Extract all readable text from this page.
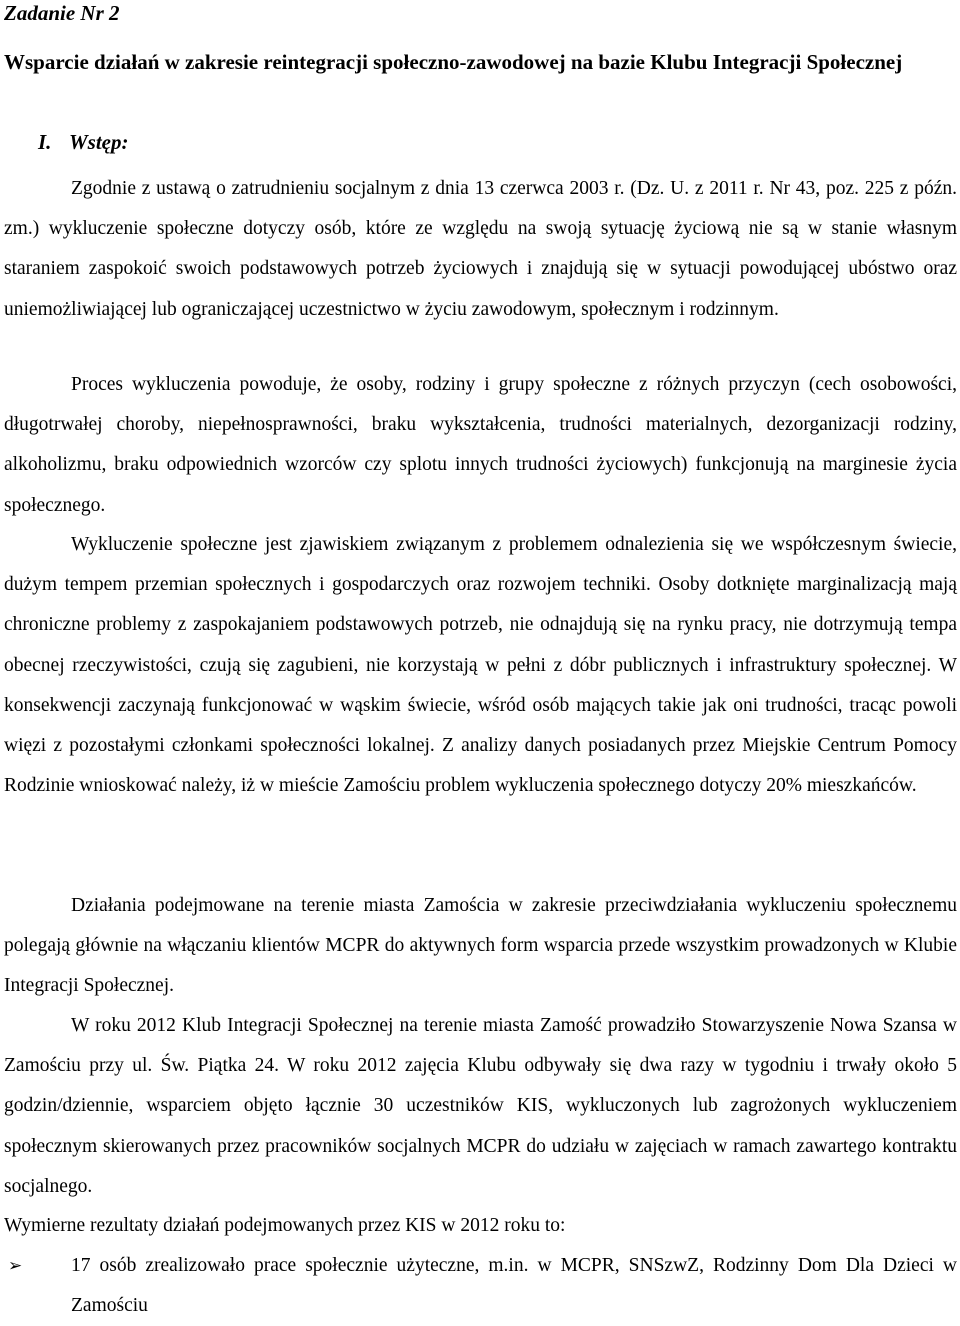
Zadanie Nr 2

Wsparcie działań w zakresie reintegracji społeczno-zawodowej na bazie Klubu Integracji Społecznej

I. Wstęp:

Zgodnie z ustawą o zatrudnieniu socjalnym z dnia 13 czerwca 2003 r. (Dz. U. z 2011 r. Nr 43, poz. 225 z późn. zm.) wykluczenie społeczne dotyczy osób, które ze względu na swoją sytuację życiową nie są w stanie własnym staraniem zaspokoić swoich podstawowych potrzeb życiowych i znajdują się w sytuacji powodującej ubóstwo oraz uniemożliwiającej lub ograniczającej uczestnictwo w życiu zawodowym, społecznym i rodzinnym.

Proces wykluczenia powoduje, że osoby, rodziny i grupy społeczne z różnych przyczyn (cech osobowości, długotrwałej choroby, niepełnosprawności, braku wykształcenia, trudności materialnych, dezorganizacji rodziny, alkoholizmu, braku odpowiednich wzorców czy splotu innych trudności życiowych) funkcjonują na marginesie życia społecznego.

Wykluczenie społeczne jest zjawiskiem związanym z problemem odnalezienia się we współczesnym świecie, dużym tempem przemian społecznych i gospodarczych oraz rozwojem techniki. Osoby dotknięte marginalizacją mają chroniczne problemy z zaspokajaniem podstawowych potrzeb, nie odnajdują się na rynku pracy, nie dotrzymują tempa obecnej rzeczywistości, czują się zagubieni, nie korzystają w pełni z dóbr publicznych i infrastruktury społecznej. W konsekwencji zaczynają funkcjonować w wąskim świecie, wśród osób mających takie jak oni trudności, tracąc powoli więzi z pozostałymi członkami społeczności lokalnej. Z analizy danych posiadanych przez Miejskie Centrum Pomocy Rodzinie wnioskować należy, iż w mieście Zamościu problem wykluczenia społecznego dotyczy 20% mieszkańców.

Działania podejmowane na terenie miasta Zamościa w zakresie przeciwdziałania wykluczeniu społecznemu polegają głównie na włączaniu klientów MCPR do aktywnych form wsparcia przede wszystkim prowadzonych w Klubie Integracji Społecznej.

W roku 2012 Klub Integracji Społecznej na terenie miasta Zamość prowadziło Stowarzyszenie Nowa Szansa w Zamościu przy ul. Św. Piątka 24. W roku 2012 zajęcia Klubu odbywały się dwa razy w tygodniu i trwały około 5 godzin/dziennie, wsparciem objęto łącznie 30 uczestników KIS, wykluczonych lub zagrożonych wykluczeniem społecznym skierowanych przez pracowników socjalnych MCPR do udziału w zajęciach w ramach zawartego kontraktu socjalnego.

Wymierne rezultaty działań podejmowanych przez KIS w 2012 roku to:

➢	17 osób zrealizowało prace społecznie użyteczne, m.in. w MCPR, SNSzwZ, Rodzinny Dom Dla Dzieci w Zamościu
